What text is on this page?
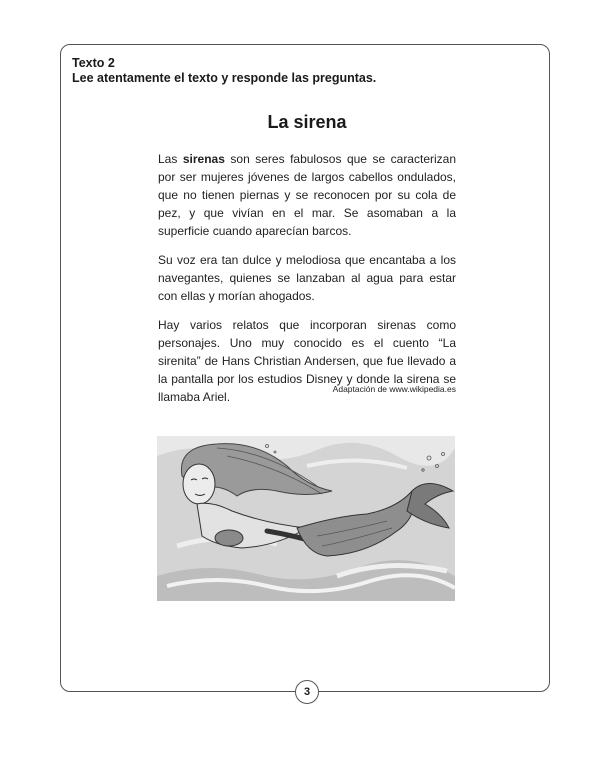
Texto 2
Lee atentamente el texto y responde las preguntas.
La sirena

Las sirenas son seres fabulosos que se caracterizan por ser mujeres jóvenes de largos cabellos ondulados, que no tienen piernas y se reconocen por su cola de pez, y que vivían en el mar. Se asomaban a la superficie cuando aparecían barcos.

Su voz era tan dulce y melodiosa que encantaba a los navegantes, quienes se lanzaban al agua para estar con ellas y morían ahogados.

Hay varios relatos que incorporan sirenas como personajes. Uno muy conocido es el cuento “La sirenita” de Hans Christian Andersen, que fue llevado a la pantalla por los estudios Disney y donde la sirena se llamaba Ariel.

Adaptación de www.wikipedia.es
3
